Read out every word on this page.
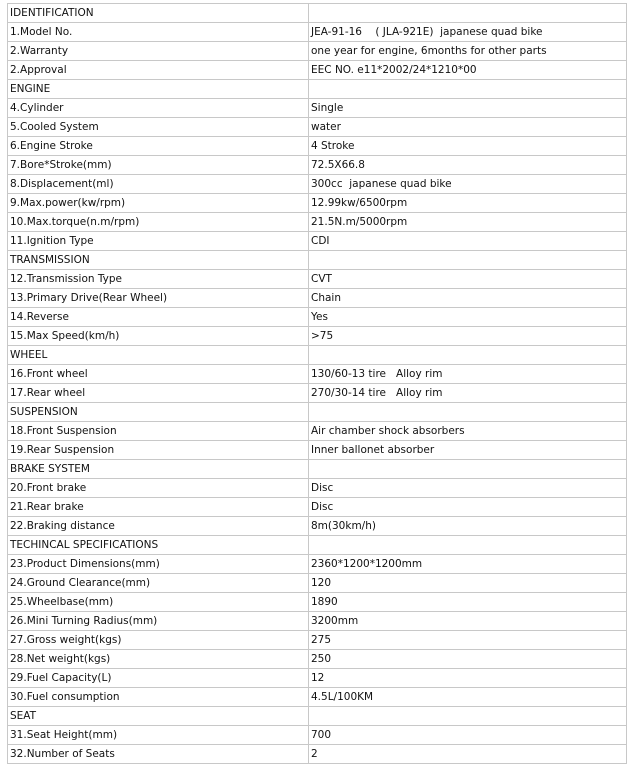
IDENTIFICATION	
1.Model No.	JEA-91-16    ( JLA-921E)  japanese quad bike
2.Warranty	one year for engine, 6months for other parts
2.Approval	EEC NO. e11*2002/24*1210*00
ENGINE	
4.Cylinder	Single
5.Cooled System	water
6.Engine Stroke	4 Stroke
7.Bore*Stroke(mm)	72.5X66.8
8.Displacement(ml)	300cc  japanese quad bike
9.Max.power(kw/rpm)	12.99kw/6500rpm
10.Max.torque(n.m/rpm)	21.5N.m/5000rpm
11.Ignition Type	CDI
TRANSMISSION	
12.Transmission Type	CVT
13.Primary Drive(Rear Wheel)	Chain
14.Reverse	Yes
15.Max Speed(km/h)	>75
WHEEL	
16.Front wheel	130/60-13 tire   Alloy rim
17.Rear wheel	270/30-14 tire   Alloy rim
SUSPENSION	
18.Front Suspension	Air chamber shock absorbers
19.Rear Suspension	Inner ballonet absorber
BRAKE SYSTEM	
20.Front brake	Disc
21.Rear brake	Disc
22.Braking distance	8m(30km/h)
TECHINCAL SPECIFICATIONS	
23.Product Dimensions(mm)	2360*1200*1200mm
24.Ground Clearance(mm)	120
25.Wheelbase(mm)	1890
26.Mini Turning Radius(mm)	3200mm
27.Gross weight(kgs)	275
28.Net weight(kgs)	250
29.Fuel Capacity(L)	12
30.Fuel consumption	4.5L/100KM
SEAT	
31.Seat Height(mm)	700
32.Number of Seats	2
